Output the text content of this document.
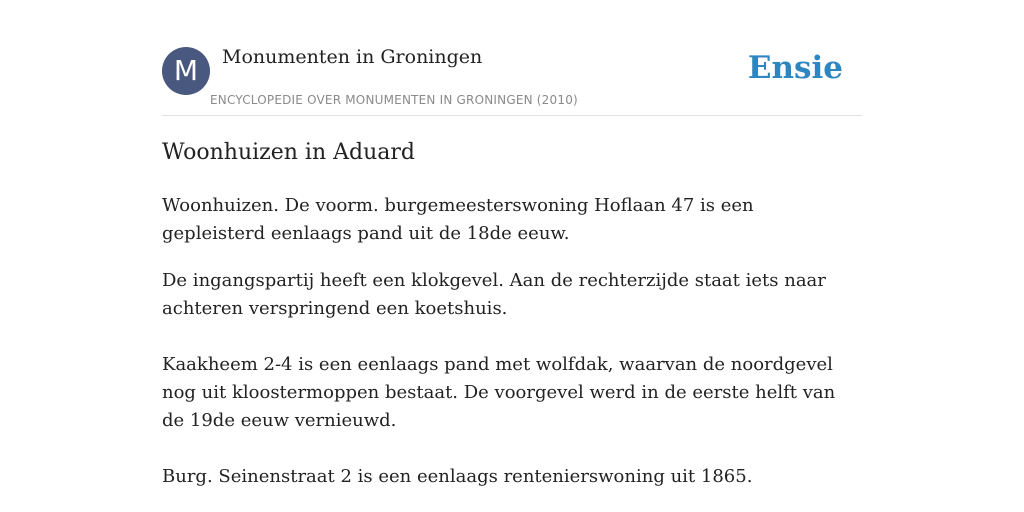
M	Monumenten in Groningen
ENCYCLOPEDIE OVER MONUMENTEN IN GRONINGEN (2010)
Ensie
Woonhuizen in Aduard

Woonhuizen. De voorm. burgemeesterswoning Hoflaan 47 is een gepleisterd eenlaags pand uit de 18de eeuw.

De ingangspartij heeft een klokgevel. Aan de rechterzijde staat iets naar achteren verspringend een koetshuis.

Kaakheem 2-4 is een eenlaags pand met wolfdak, waarvan de noordgevel nog uit kloostermoppen bestaat. De voorgevel werd in de eerste helft van de 19de eeuw vernieuwd.

Burg. Seinenstraat 2 is een eenlaags rentenierswoning uit 1865.
